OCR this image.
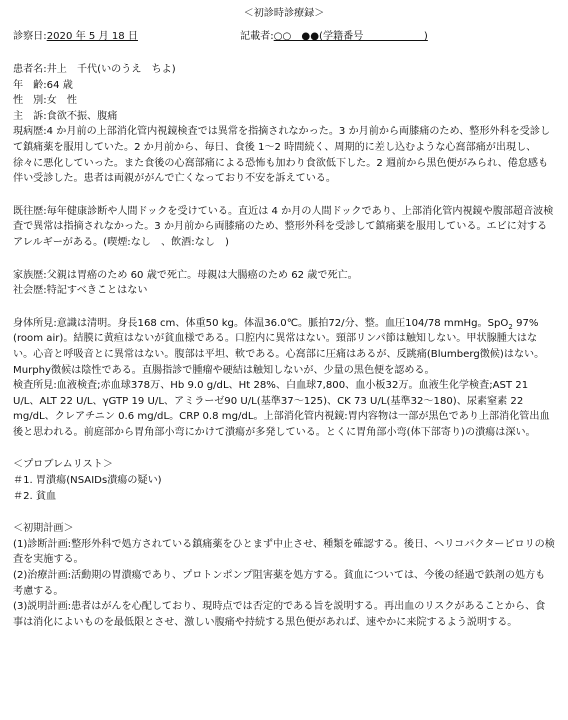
＜初診時診療録＞
診察日:2020 年 5 月 18 日	記載者:○○　●●(学籍番号　　　　　　)

患者名:井上　千代(いのうえ　ちよ)

年　齢:64 歳

性　別:女　性

主　訴:食欲不振、腹痛

現病歴:4 か月前の上部消化管内視鏡検査では異常を指摘されなかった。3 か月前から両膝痛のため、整形外科を受診して鎮痛薬を服用していた。2 か月前から、毎日、食後 1～2 時間続く、周期的に差し込むような心窩部痛が出現し、徐々に悪化していった。また食後の心窩部痛による恐怖も加わり食欲低下した。2 週前から黒色便がみられ、倦怠感も伴い受診した。患者は両親ががんで亡くなっており不安を訴えている。

既往歴:毎年健康診断や人間ドックを受けている。直近は 4 か月の人間ドックであり、上部消化管内視鏡や腹部超音波検査で異常は指摘されなかった。3 か月前から両膝痛のため、整形外科を受診して鎮痛薬を服用している。エビに対するアレルギーがある。(喫煙:なし　、飲酒:なし　)

家族歴:父親は胃癌のため 60 歳で死亡。母親は大腸癌のため 62 歳で死亡。

社会歴:特記すべきことはない

身体所見:意識は清明。身長168 cm、体重50 kg。体温36.0℃。脈拍72/分、整。血圧104/78 mmHg。SpO$_2$ 97%(room air)。結膜に黄疸はないが貧血様である。口腔内に異常はない。頸部リンパ節は触知しない。甲状腺腫大はない。心音と呼吸音とに異常はない。腹部は平坦、軟である。心窩部に圧痛はあるが、反跳痛(Blumberg徴候)はない。Murphy徴候は陰性である。直腸指診で腫瘤や硬結は触知しないが、少量の黒色便を認める。

検査所見:血液検査;赤血球378万、Hb 9.0 g/dL、Ht 28%、白血球7,800、血小板32万。血液生化学検査;AST 21 U/L、ALT 22 U/L、γGTP 19 U/L、アミラーゼ90 U/L(基準37～125)、CK 73 U/L(基準32～180)、尿素窒素 22 mg/dL、クレアチニン 0.6 mg/dL。CRP 0.8 mg/dL。上部消化管内視鏡:胃内容物は一部が黒色であり上部消化管出血後と思われる。前庭部から胃角部小弯にかけて潰瘍が多発している。とくに胃角部小弯(体下部寄り)の潰瘍は深い。

＜プロブレムリスト＞

＃1. 胃潰瘍(NSAIDs潰瘍の疑い)

＃2. 貧血

＜初期計画＞

(1)診断計画:整形外科で処方されている鎮痛薬をひとまず中止させ、種類を確認する。後日、ヘリコバクターピロリの検査を実施する。

(2)治療計画:活動期の胃潰瘍であり、プロトンポンプ阻害薬を処方する。貧血については、今後の経過で鉄剤の処方も考慮する。

(3)説明計画:患者はがんを心配しており、現時点では否定的である旨を説明する。再出血のリスクがあることから、食事は消化によいものを最低限とさせ、激しい腹痛や持続する黒色便があれば、速やかに来院するよう説明する。
